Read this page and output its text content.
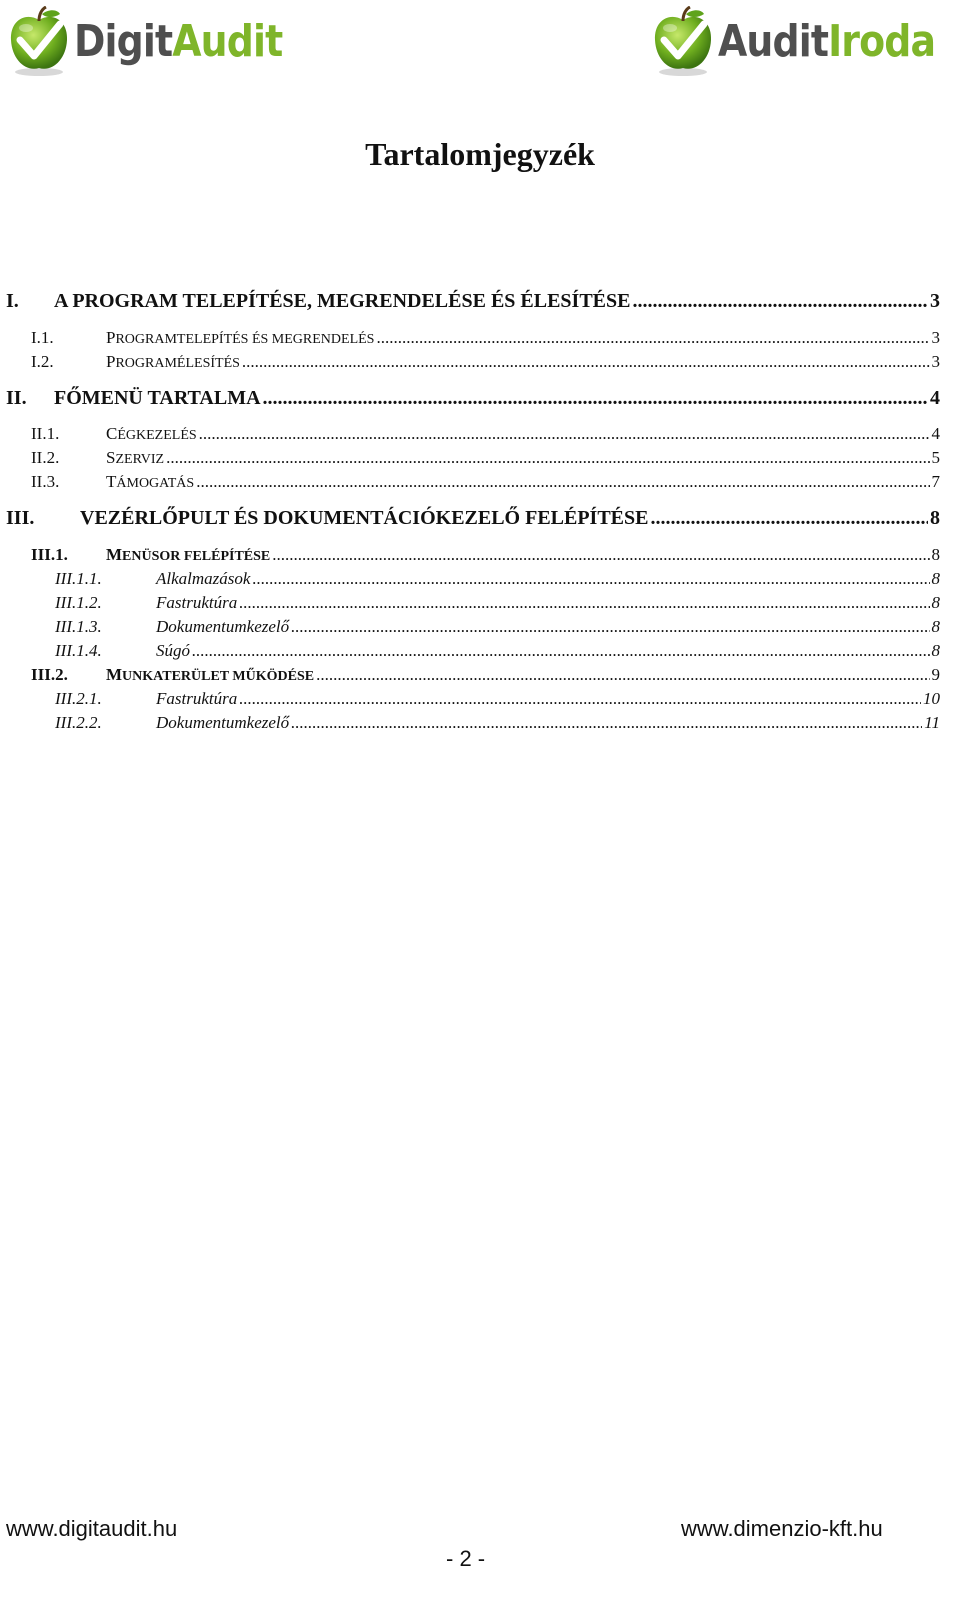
DigitAudit	AuditIroda
Tartalomjegyzék
I.	A PROGRAM TELEPÍTÉSE, MEGRENDELÉSE ÉS ÉLESÍTÉSE .....	3
I.1.	PROGRAMTELEPÍTÉS ÉS MEGRENDELÉS .....	3
I.2.	PROGRAMÉLESÍTÉS .....	3
II.	FŐMENÜ TARTALMA .....	4
II.1.	CÉGKEZELÉS .....	4
II.2.	SZERVIZ .....	5
II.3.	TÁMOGATÁS .....	7
III.	VEZÉRLŐPULT ÉS DOKUMENTÁCIÓKEZELŐ FELÉPÍTÉSE .....	8
III.1.	MENÜSOR FELÉPÍTÉSE .....	8
III.1.1.	Alkalmazások .....	8
III.1.2.	Fastruktúra .....	8
III.1.3.	Dokumentumkezelő .....	8
III.1.4.	Súgó .....	8
III.2.	MUNKATERÜLET MŰKÖDÉSE .....	9
III.2.1.	Fastruktúra .....	10
III.2.2.	Dokumentumkezelő .....	11
www.digitaudit.hu	www.dimenzio-kft.hu
- 2 -
